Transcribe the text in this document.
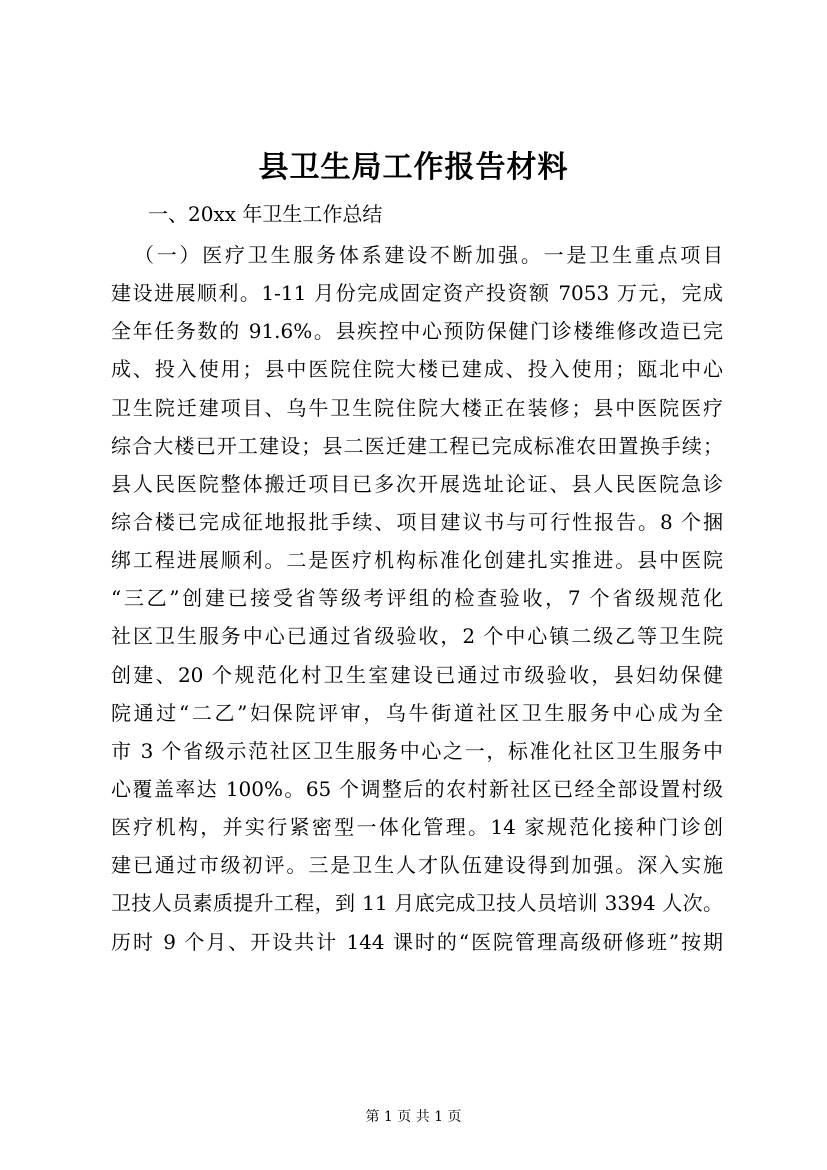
县卫生局工作报告材料
一、20xx 年卫生工作总结
（一）医疗卫生服务体系建设不断加强。一是卫生重点项目
建设进展顺利。1-11 月份完成固定资产投资额 7053 万元，完成
全年任务数的 91.6%。县疾控中心预防保健门诊楼维修改造已完
成、投入使用；县中医院住院大楼已建成、投入使用；瓯北中心
卫生院迁建项目、乌牛卫生院住院大楼正在装修；县中医院医疗
综合大楼已开工建设；县二医迁建工程已完成标准农田置换手续；
县人民医院整体搬迁项目已多次开展选址论证、县人民医院急诊
综合楼已完成征地报批手续、项目建议书与可行性报告。8 个捆
绑工程进展顺利。二是医疗机构标准化创建扎实推进。县中医院
“三乙”创建已接受省等级考评组的检查验收，7 个省级规范化
社区卫生服务中心已通过省级验收，2 个中心镇二级乙等卫生院
创建、20 个规范化村卫生室建设已通过市级验收，县妇幼保健
院通过“二乙”妇保院评审，乌牛街道社区卫生服务中心成为全
市 3 个省级示范社区卫生服务中心之一，标准化社区卫生服务中
心覆盖率达 100%。65 个调整后的农村新社区已经全部设置村级
医疗机构，并实行紧密型一体化管理。14 家规范化接种门诊创
建已通过市级初评。三是卫生人才队伍建设得到加强。深入实施
卫技人员素质提升工程，到 11 月底完成卫技人员培训 3394 人次。
历时 9 个月、开设共计 144 课时的“医院管理高级研修班”按期
第 1 页 共 1 页
